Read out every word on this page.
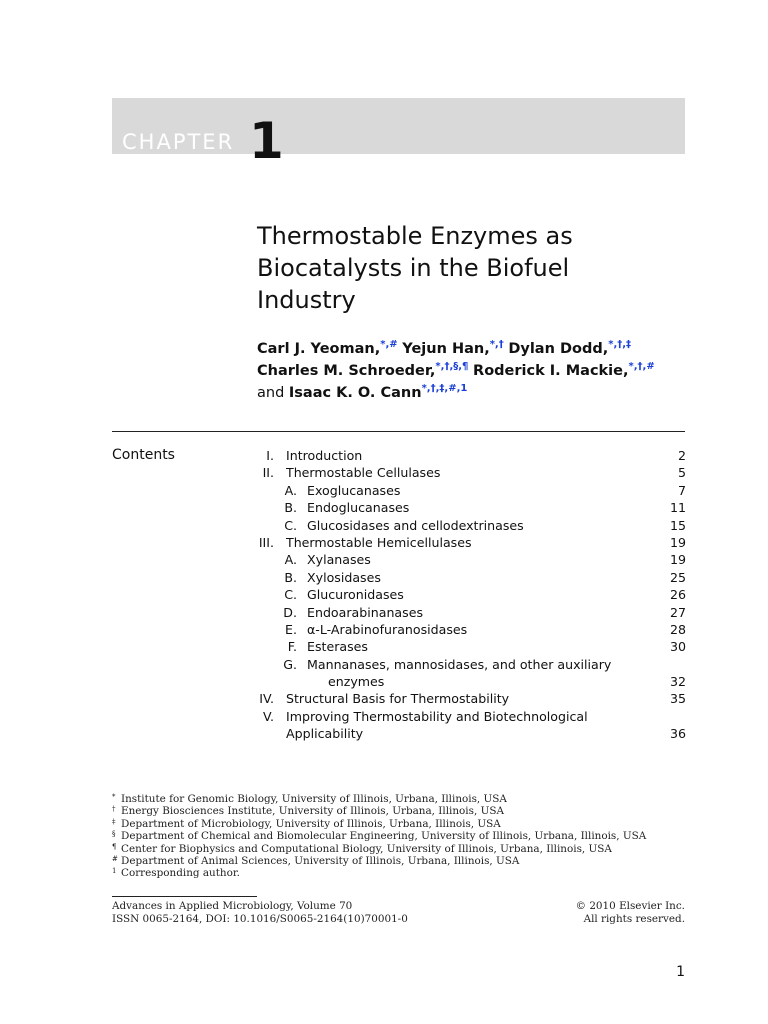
CHAPTER 1
Thermostable Enzymes as
Biocatalysts in the Biofuel
Industry
Carl J. Yeoman,*,# Yejun Han,*,† Dylan Dodd,*,†,‡
Charles M. Schroeder,*,†,§,¶ Roderick I. Mackie,*,†,#
and Isaac K. O. Cann$^{*,\dagger,\ddagger,\#,1}$
Contents	I. Introduction	2
II. Thermostable Cellulases	5
A. Exoglucanases	7
B. Endoglucanases	11
C. Glucosidases and cellodextrinases	15
III. Thermostable Hemicellulases	19
A. Xylanases	19
B. Xylosidases	25
C. Glucuronidases	26
D. Endoarabinanases	27
E. α-L-Arabinofuranosidases	28
F. Esterases	30
G. Mannanases, mannosidases, and other auxiliary
enzymes	32
IV. Structural Basis for Thermostability	35
V. Improving Thermostability and Biotechnological
Applicability	36
* Institute for Genomic Biology, University of Illinois, Urbana, Illinois, USA
† Energy Biosciences Institute, University of Illinois, Urbana, Illinois, USA
‡ Department of Microbiology, University of Illinois, Urbana, Illinois, USA
§ Department of Chemical and Biomolecular Engineering, University of Illinois, Urbana, Illinois, USA
¶ Center for Biophysics and Computational Biology, University of Illinois, Urbana, Illinois, USA
# Department of Animal Sciences, University of Illinois, Urbana, Illinois, USA
1 Corresponding author.
Advances in Applied Microbiology, Volume 70
ISSN 0065-2164, DOI: 10.1016/S0065-2164(10)70001-0
© 2010 Elsevier Inc.
All rights reserved.
1
